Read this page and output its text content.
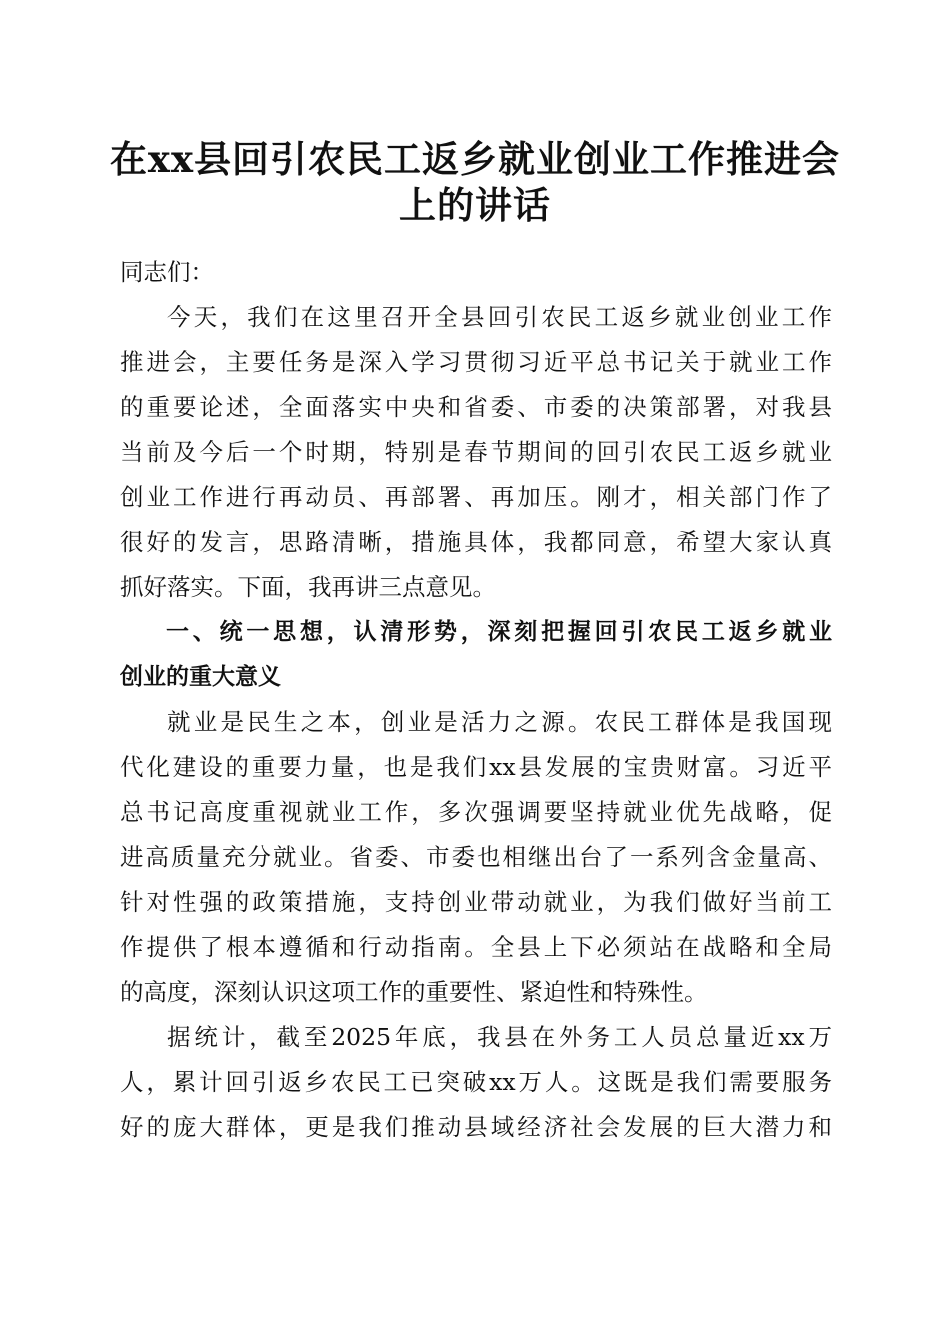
在xx县回引农民工返乡就业创业工作推进会
上的讲话

同志们：

今天，我们在这里召开全县回引农民工返乡就业创业工作
推进会，主要任务是深入学习贯彻习近平总书记关于就业工作
的重要论述，全面落实中央和省委、市委的决策部署，对我县
当前及今后一个时期，特别是春节期间的回引农民工返乡就业
创业工作进行再动员、再部署、再加压。刚才，相关部门作了
很好的发言，思路清晰，措施具体，我都同意，希望大家认真
抓好落实。下面，我再讲三点意见。

一、统一思想，认清形势，深刻把握回引农民工返乡就业
创业的重大意义

就业是民生之本，创业是活力之源。农民工群体是我国现
代化建设的重要力量，也是我们xx县发展的宝贵财富。习近平
总书记高度重视就业工作，多次强调要坚持就业优先战略，促
进高质量充分就业。省委、市委也相继出台了一系列含金量高、
针对性强的政策措施，支持创业带动就业，为我们做好当前工
作提供了根本遵循和行动指南。全县上下必须站在战略和全局
的高度，深刻认识这项工作的重要性、紧迫性和特殊性。

据统计，截至2025年底，我县在外务工人员总量近xx万
人，累计回引返乡农民工已突破xx万人。这既是我们需要服务
好的庞大群体，更是我们推动县域经济社会发展的巨大潜力和
